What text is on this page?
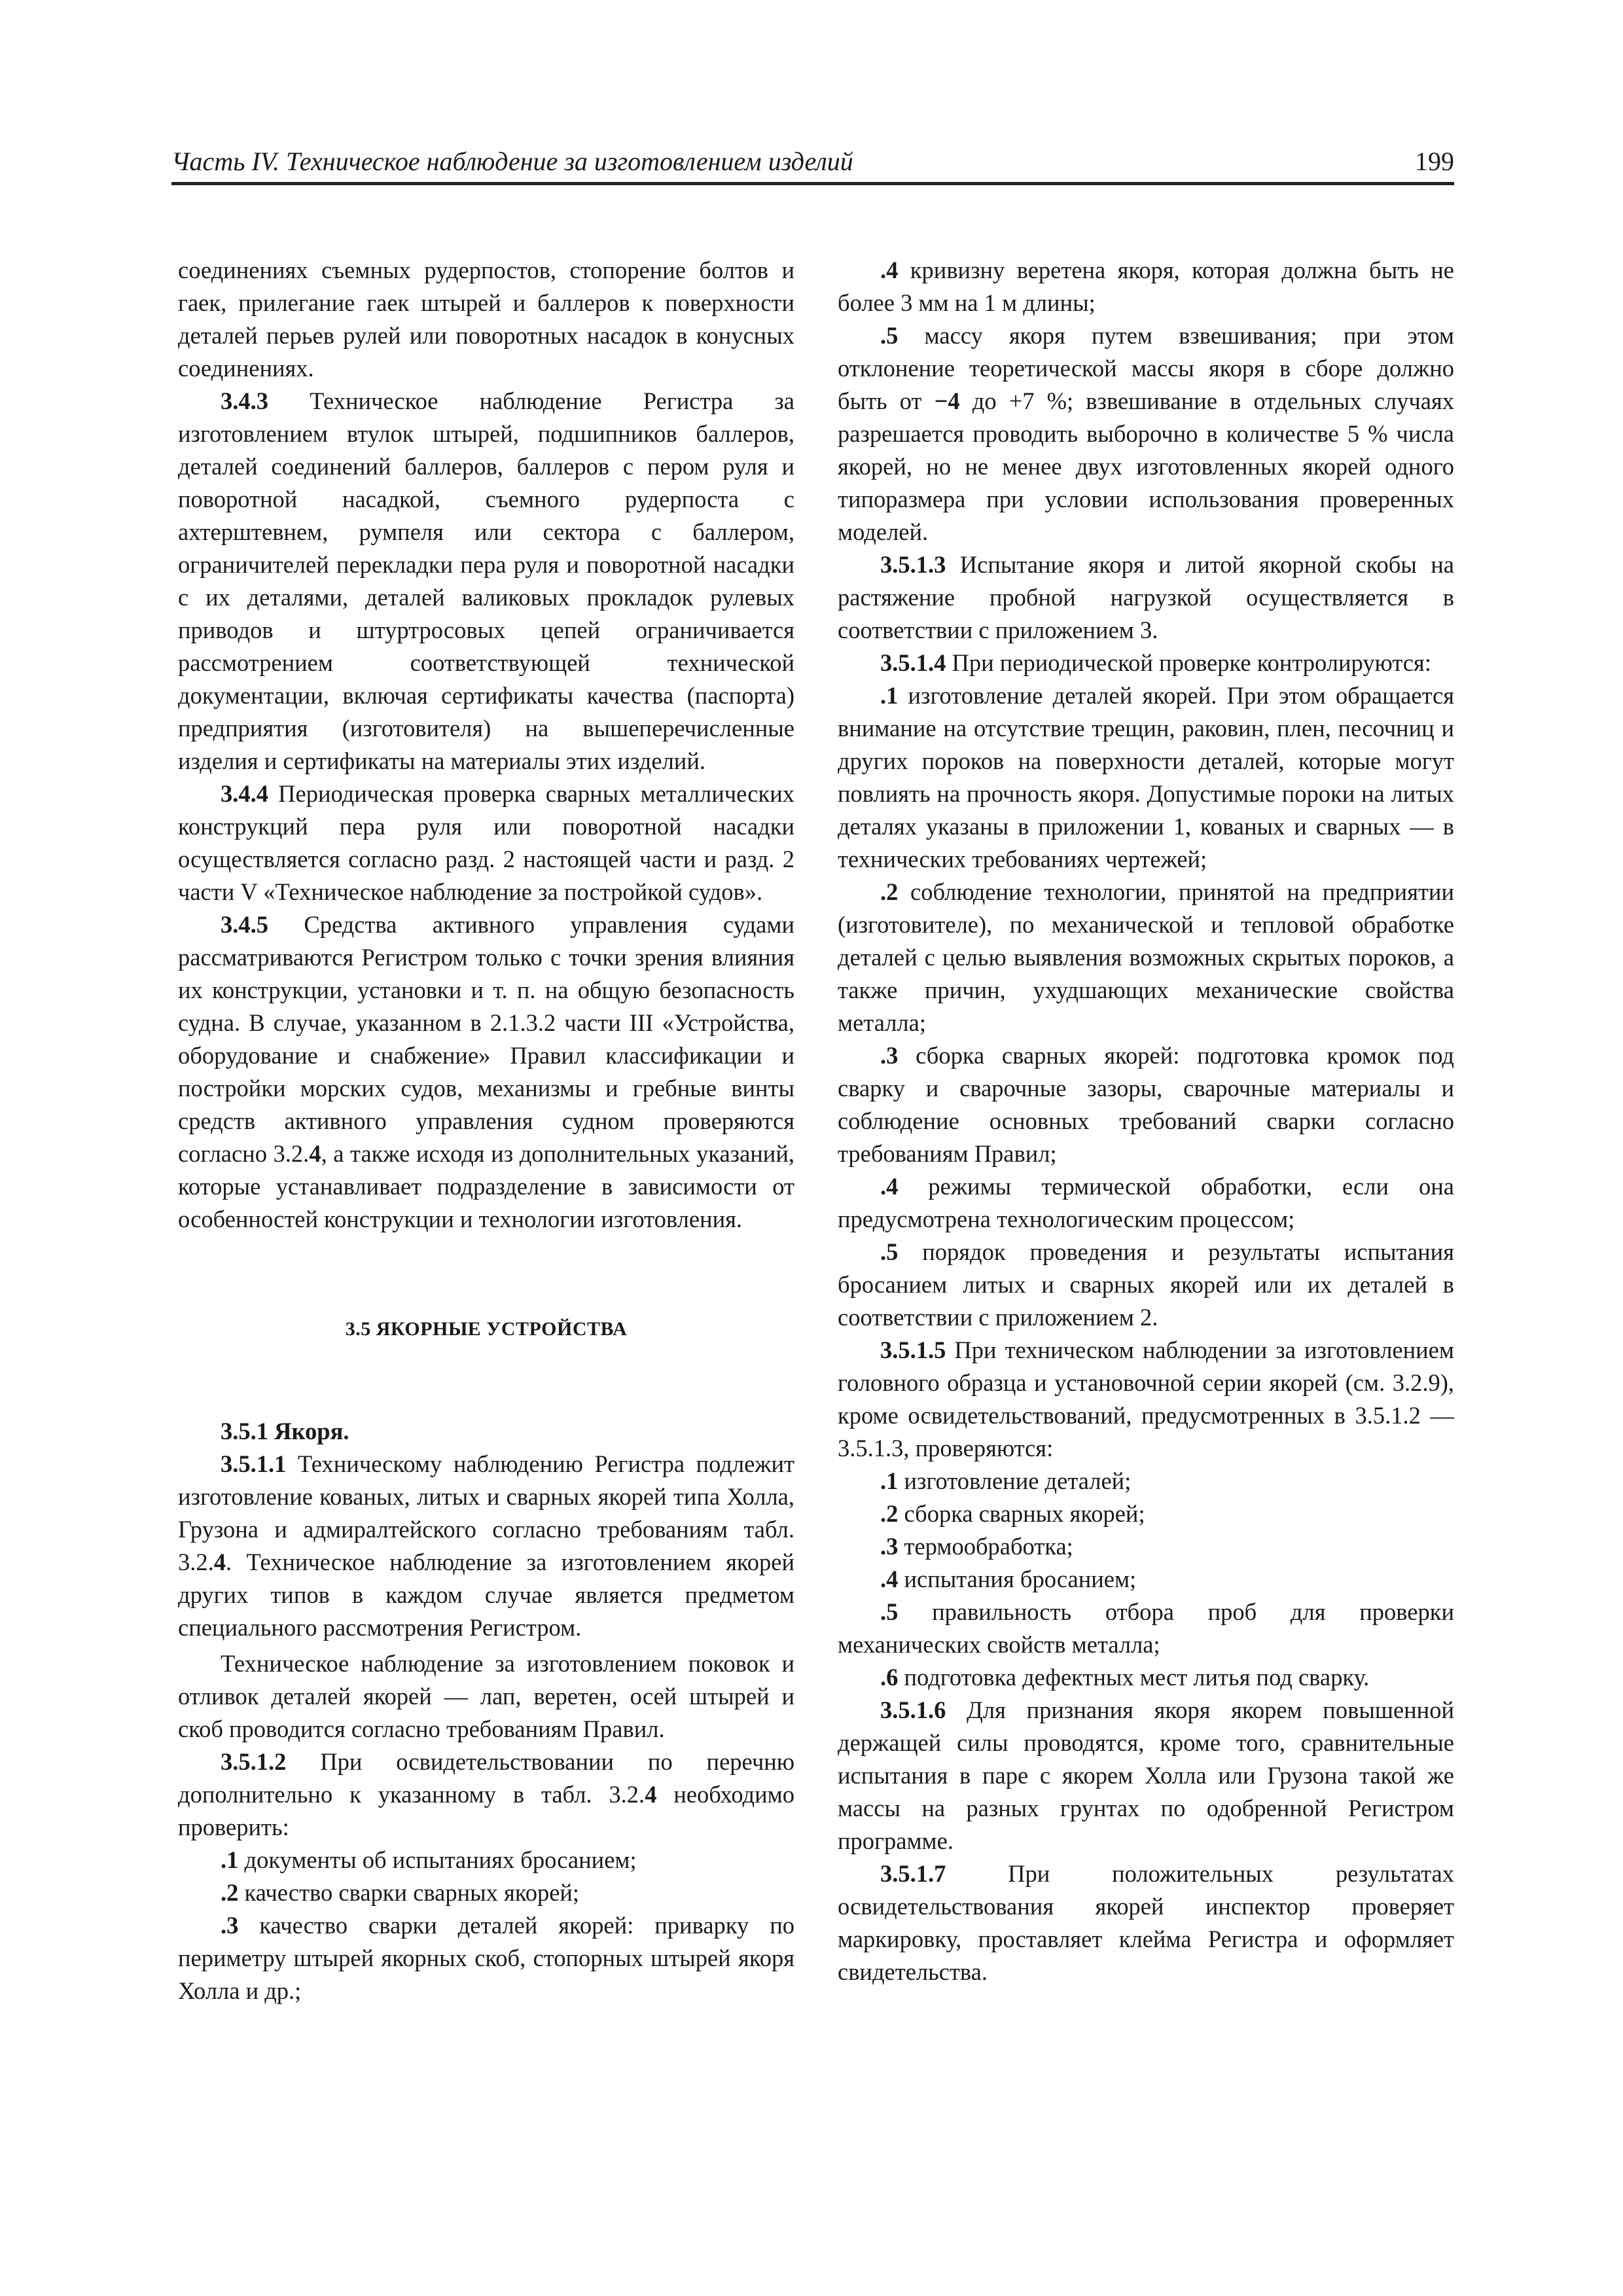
Часть IV. Техническое наблюдение за изготовлением изделий	199

соединениях съемных рудерпостов, стопорение болтов и гаек, прилегание гаек штырей и баллеров к поверхности деталей перьев рулей или поворотных насадок в конусных соединениях.

3.4.3 Техническое наблюдение Регистра за изготовлением втулок штырей, подшипников баллеров, деталей соединений баллеров, баллеров с пером руля и поворотной насадкой, съемного рудерпоста с ахтерштевнем, румпеля или сектора с баллером, ограничителей перекладки пера руля и поворотной насадки с их деталями, деталей валиковых прокладок рулевых приводов и штуртросовых цепей ограничивается рассмотрением соответствующей технической документации, включая сертификаты качества (паспорта) предприятия (изготовителя) на вышеперечисленные изделия и сертификаты на материалы этих изделий.

3.4.4 Периодическая проверка сварных металлических конструкций пера руля или поворотной насадки осуществляется согласно разд. 2 настоящей части и разд. 2 части V «Техническое наблюдение за постройкой судов».

3.4.5 Средства активного управления судами рассматриваются Регистром только с точки зрения влияния их конструкции, установки и т. п. на общую безопасность судна. В случае, указанном в 2.1.3.2 части III «Устройства, оборудование и снабжение» Правил классификации и постройки морских судов, механизмы и гребные винты средств активного управления судном проверяются согласно 3.2.4, а также исходя из дополнительных указаний, которые устанавливает подразделение в зависимости от особенностей конструкции и технологии изготовления.

3.5 ЯКОРНЫЕ УСТРОЙСТВА

3.5.1 Якоря.

3.5.1.1 Техническому наблюдению Регистра подлежит изготовление кованых, литых и сварных якорей типа Холла, Грузона и адмиралтейского согласно требованиям табл. 3.2.4. Техническое наблюдение за изготовлением якорей других типов в каждом случае является предметом специального рассмотрения Регистром.

Техническое наблюдение за изготовлением поковок и отливок деталей якорей — лап, веретен, осей штырей и скоб проводится согласно требованиям Правил.

3.5.1.2 При освидетельствовании по перечню дополнительно к указанному в табл. 3.2.4 необходимо проверить:

.1 документы об испытаниях бросанием;

.2 качество сварки сварных якорей;

.3 качество сварки деталей якорей: приварку по периметру штырей якорных скоб, стопорных штырей якоря Холла и др.;

.4 кривизну веретена якоря, которая должна быть не более 3 мм на 1 м длины;

.5 массу якоря путем взвешивания; при этом отклонение теоретической массы якоря в сборе должно быть от −4 до +7 %; взвешивание в отдельных случаях разрешается проводить выборочно в количестве 5 % числа якорей, но не менее двух изготовленных якорей одного типоразмера при условии использования проверенных моделей.

3.5.1.3 Испытание якоря и литой якорной скобы на растяжение пробной нагрузкой осуществляется в соответствии с приложением 3.

3.5.1.4 При периодической проверке контролируются:

.1 изготовление деталей якорей. При этом обращается внимание на отсутствие трещин, раковин, плен, песочниц и других пороков на поверхности деталей, которые могут повлиять на прочность якоря. Допустимые пороки на литых деталях указаны в приложении 1, кованых и сварных — в технических требованиях чертежей;

.2 соблюдение технологии, принятой на предприятии (изготовителе), по механической и тепловой обработке деталей с целью выявления возможных скрытых пороков, а также причин, ухудшающих механические свойства металла;

.3 сборка сварных якорей: подготовка кромок под сварку и сварочные зазоры, сварочные материалы и соблюдение основных требований сварки согласно требованиям Правил;

.4 режимы термической обработки, если она предусмотрена технологическим процессом;

.5 порядок проведения и результаты испытания бросанием литых и сварных якорей или их деталей в соответствии с приложением 2.

3.5.1.5 При техническом наблюдении за изготовлением головного образца и установочной серии якорей (см. 3.2.9), кроме освидетельствований, предусмотренных в 3.5.1.2 — 3.5.1.3, проверяются:

.1 изготовление деталей;

.2 сборка сварных якорей;

.3 термообработка;

.4 испытания бросанием;

.5 правильность отбора проб для проверки механических свойств металла;

.6 подготовка дефектных мест литья под сварку.

3.5.1.6 Для признания якоря якорем повышенной держащей силы проводятся, кроме того, сравнительные испытания в паре с якорем Холла или Грузона такой же массы на разных грунтах по одобренной Регистром программе.

3.5.1.7 При положительных результатах освидетельствования якорей инспектор проверяет маркировку, проставляет клейма Регистра и оформляет свидетельства.
